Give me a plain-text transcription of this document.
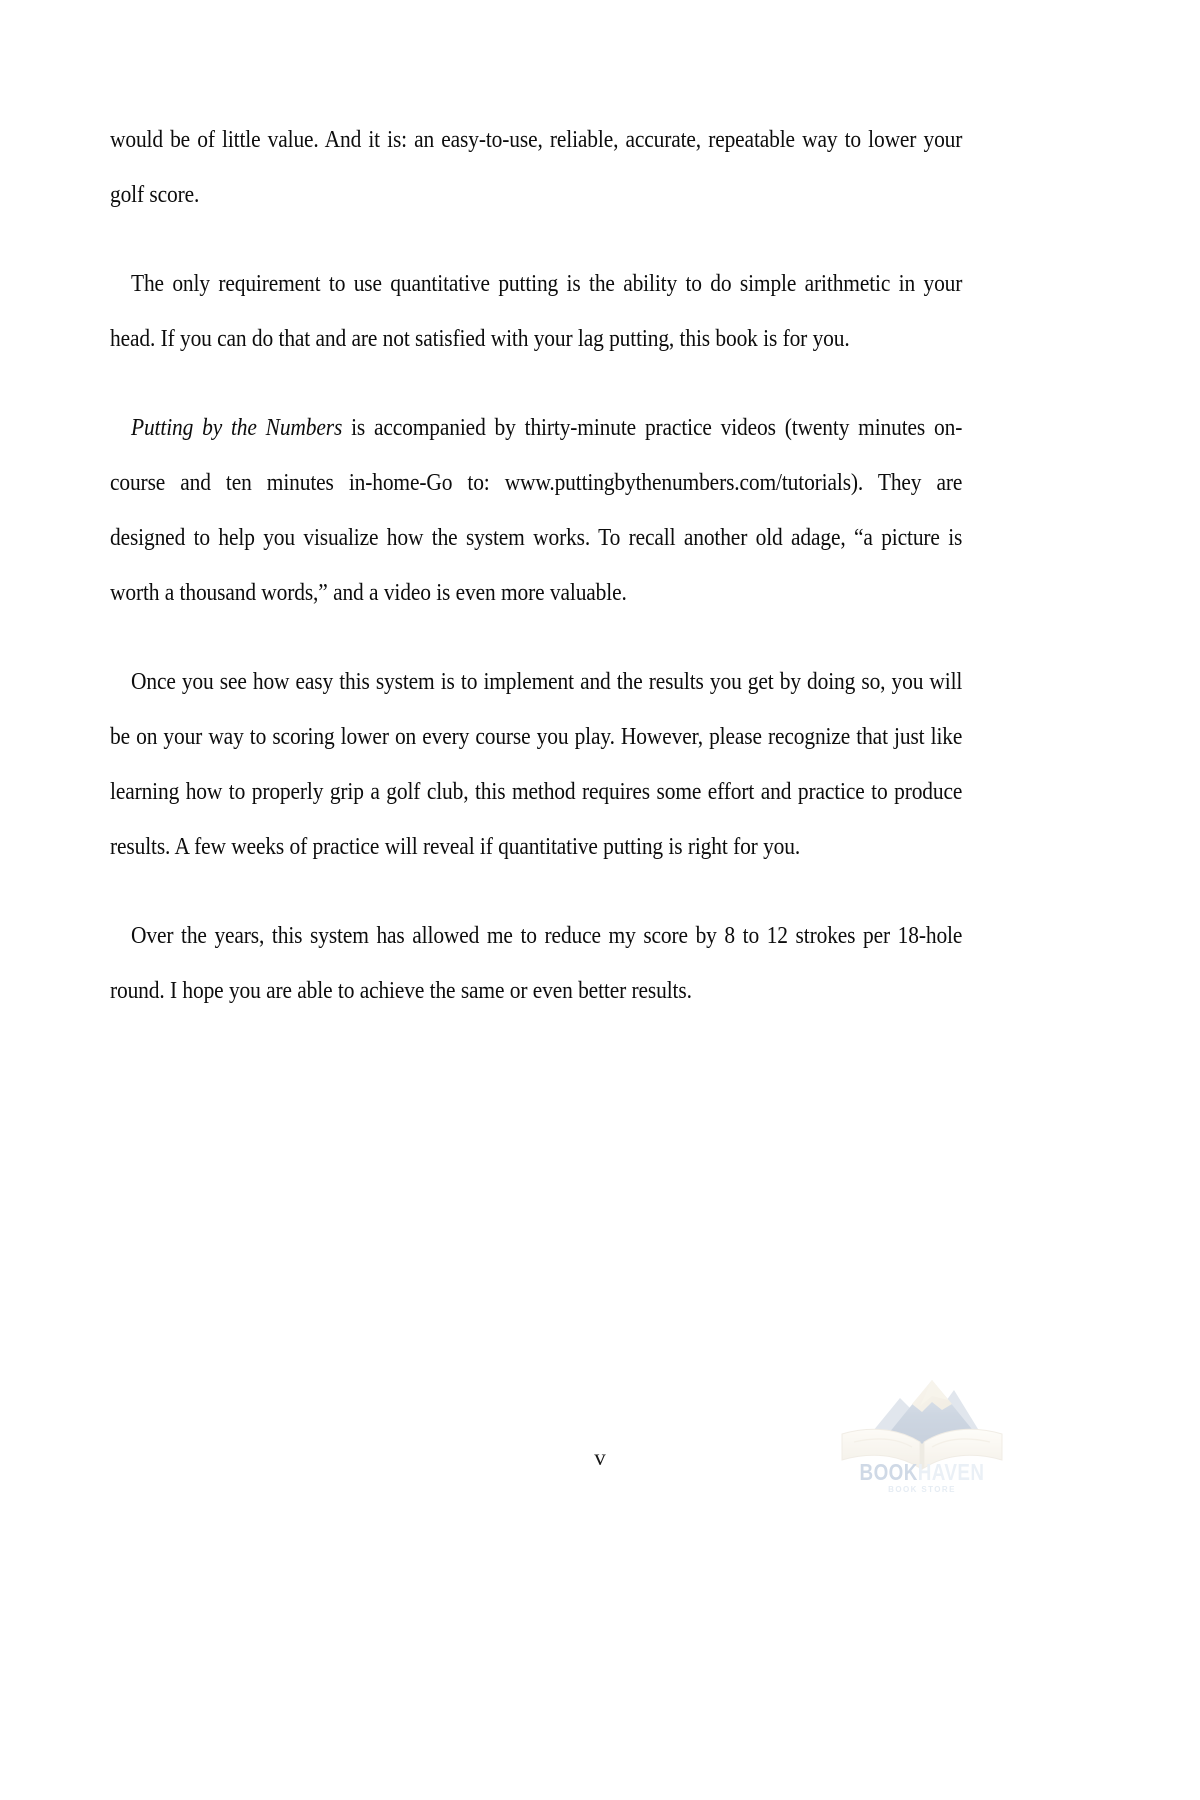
would be of little value. And it is: an easy-to-use, reliable, accurate, repeatable way to lower your golf score.

The only requirement to use quantitative putting is the ability to do simple arithmetic in your head. If you can do that and are not satisfied with your lag putting, this book is for you.

Putting by the Numbers is accompanied by thirty-minute practice videos (twenty minutes on-course and ten minutes in-home-Go to: www.puttingbythenumbers.com/tutorials). They are designed to help you visualize how the system works. To recall another old adage, “a picture is worth a thousand words,” and a video is even more valuable.

Once you see how easy this system is to implement and the results you get by doing so, you will be on your way to scoring lower on every course you play. However, please recognize that just like learning how to properly grip a golf club, this method requires some effort and practice to produce results. A few weeks of practice will reveal if quantitative putting is right for you.

Over the years, this system has allowed me to reduce my score by 8 to 12 strokes per 18-hole round. I hope you are able to achieve the same or even better results.

v
BOOKHAVEN
BOOK STORE
